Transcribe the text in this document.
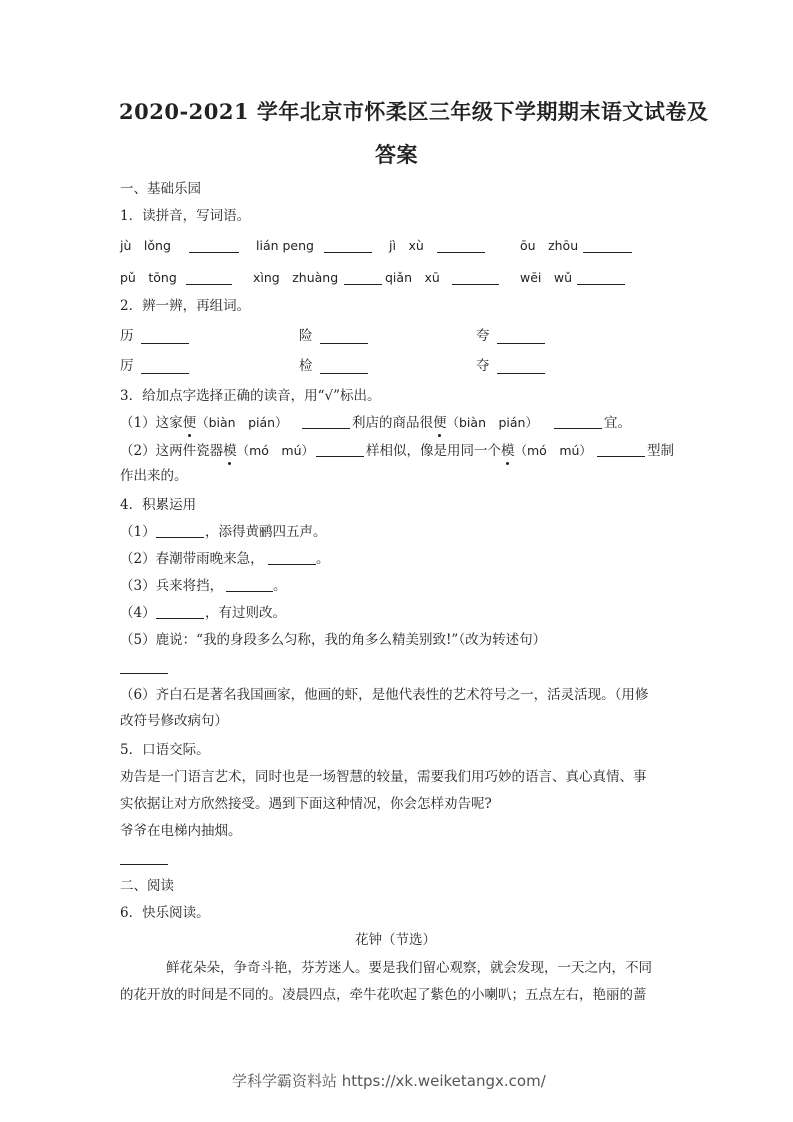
2020-2021 学年北京市怀柔区三年级下学期期末语文试卷及
答案
一、基础乐园
1．读拼音，写词语。
jù　lǒng	lián peng	jì　xù	ōu　zhōu
pǔ　tōng	xìng　zhuàng	qiǎn　xū	wēi　wǔ
2．辨一辨，再组词。
历	险	夸
厉	检	夺
3．给加点字选择正确的读音，用“√”标出。
（1）这家便（biàn　pián）	利店的商品很便（biàn　pián）	宜。
（2）这两件瓷器模（mó　mú）	样相似，像是用同一个模（mó　mú）	型制
作出来的。
4．积累运用
（1）	，添得黄鹂四五声。
（2）春潮带雨晚来急，	。
（3）兵来将挡，	。
（4）	，有过则改。
（5）鹿说：“我的身段多么匀称，我的角多么精美别致!”（改为转述句）
（6）齐白石是著名我国画家，他画的虾，是他代表性的艺术符号之一，活灵活现。（用修
改符号修改病句）
5．口语交际。
劝告是一门语言艺术，同时也是一场智慧的较量，需要我们用巧妙的语言、真心真情、事
实依据让对方欣然接受。遇到下面这种情况，你会怎样劝告呢?
爷爷在电梯内抽烟。
二、阅读
6．快乐阅读。
花钟（节选）
鲜花朵朵，争奇斗艳，芬芳迷人。要是我们留心观察，就会发现，一天之内，不同
的花开放的时间是不同的。凌晨四点，牵牛花吹起了紫色的小喇叭；五点左右，艳丽的蔷
学科学霸资料站 https://xk.weiketangx.com/
